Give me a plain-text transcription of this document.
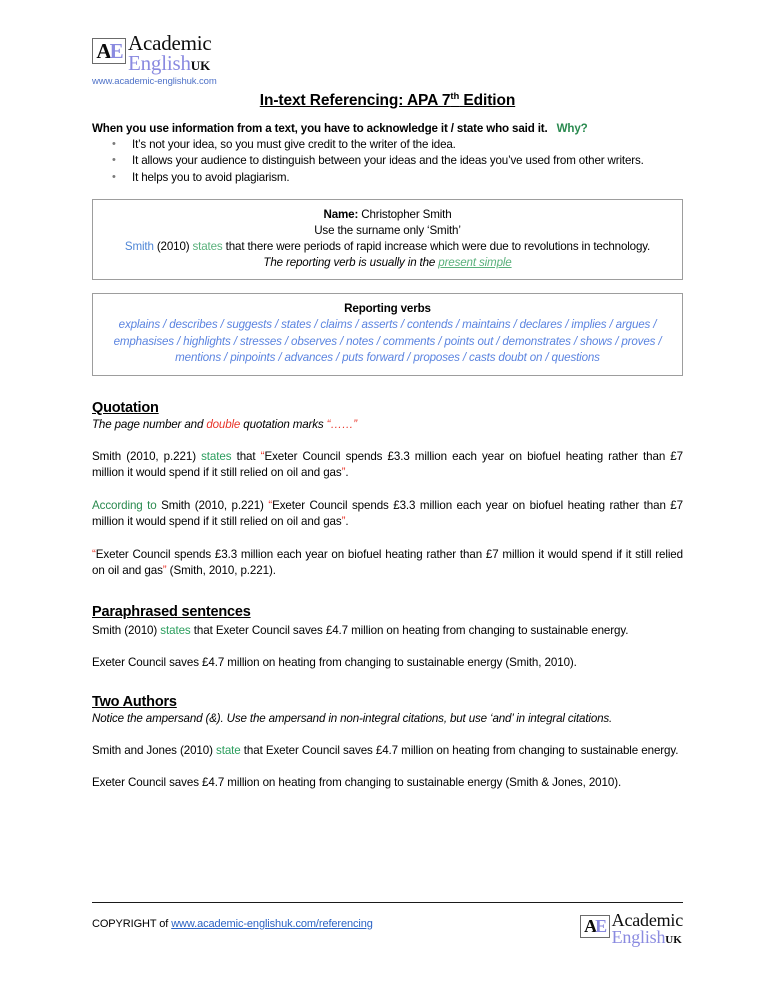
A E Academic
EnglishUK
www.academic-englishuk.com
In-text Referencing: APA 7th Edition
When you use information from a text, you have to acknowledge it / state who said it. Why?
• It’s not your idea, so you must give credit to the writer of the idea.
• It allows your audience to distinguish between your ideas and the ideas you’ve used from other writers.
• It helps you to avoid plagiarism.
Name: Christopher Smith
Use the surname only ‘Smith’
Smith (2010) states that there were periods of rapid increase which were due to revolutions in technology.
The reporting verb is usually in the present simple
Reporting verbs
explains / describes / suggests / states / claims / asserts / contends / maintains / declares / implies / argues / emphasises / highlights / stresses / observes / notes / comments / points out / demonstrates / shows / proves / mentions / pinpoints / advances / puts forward / proposes / casts doubt on / questions
Quotation

The page number and double quotation marks “……”

Smith (2010, p.221) states that “Exeter Council spends £3.3 million each year on biofuel heating rather than £7 million it would spend if it still relied on oil and gas”.

According to Smith (2010, p.221) “Exeter Council spends £3.3 million each year on biofuel heating rather than £7 million it would spend if it still relied on oil and gas”.

“Exeter Council spends £3.3 million each year on biofuel heating rather than £7 million it would spend if it still relied on oil and gas” (Smith, 2010, p.221).

Paraphrased sentences

Smith (2010) states that Exeter Council saves £4.7 million on heating from changing to sustainable energy.

Exeter Council saves £4.7 million on heating from changing to sustainable energy (Smith, 2010).

Two Authors

Notice the ampersand (&). Use the ampersand in non-integral citations, but use ‘and’ in integral citations.

Smith and Jones (2010) state that Exeter Council saves £4.7 million on heating from changing to sustainable energy.

Exeter Council saves £4.7 million on heating from changing to sustainable energy (Smith & Jones, 2010).

COPYRIGHT of www.academic-englishuk.com/referencing	A E Academic
EnglishUK
